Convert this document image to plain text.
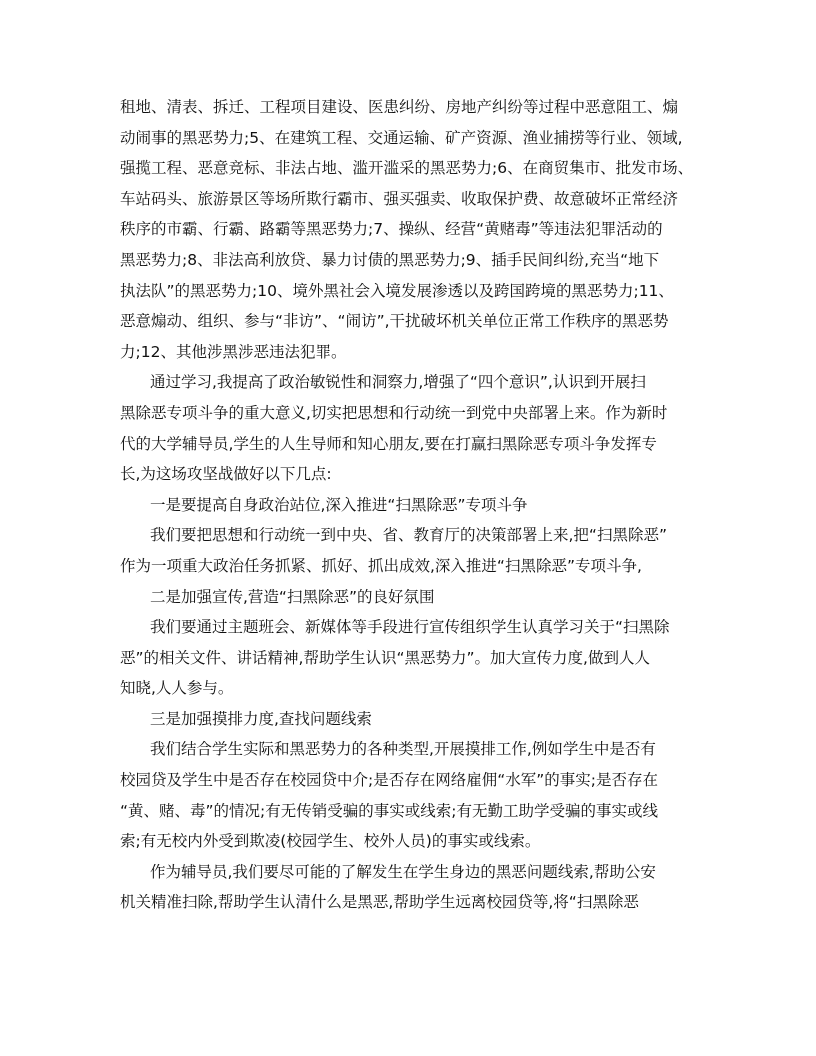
租地、清表、拆迁、工程项目建设、医患纠纷、房地产纠纷等过程中恶意阻工、煽
动闹事的黑恶势力;5、在建筑工程、交通运输、矿产资源、渔业捕捞等行业、领域,
强揽工程、恶意竞标、非法占地、滥开滥采的黑恶势力;6、在商贸集市、批发市场、
车站码头、旅游景区等场所欺行霸市、强买强卖、收取保护费、故意破坏正常经济
秩序的市霸、行霸、路霸等黑恶势力;7、操纵、经营“黄赌毒”等违法犯罪活动的
黑恶势力;8、非法高利放贷、暴力讨债的黑恶势力;9、插手民间纠纷,充当“地下
执法队”的黑恶势力;10、境外黑社会入境发展渗透以及跨国跨境的黑恶势力;11、
恶意煽动、组织、参与“非访”、“闹访”,干扰破坏机关单位正常工作秩序的黑恶势
力;12、其他涉黑涉恶违法犯罪。
通过学习,我提高了政治敏锐性和洞察力,增强了“四个意识”,认识到开展扫
黑除恶专项斗争的重大意义,切实把思想和行动统一到党中央部署上来。作为新时
代的大学辅导员,学生的人生导师和知心朋友,要在打赢扫黑除恶专项斗争发挥专
长,为这场攻坚战做好以下几点:
一是要提高自身政治站位,深入推进“扫黑除恶”专项斗争
我们要把思想和行动统一到中央、省、教育厅的决策部署上来,把“扫黑除恶”
作为一项重大政治任务抓紧、抓好、抓出成效,深入推进“扫黑除恶”专项斗争,
二是加强宣传,营造“扫黑除恶”的良好氛围
我们要通过主题班会、新媒体等手段进行宣传组织学生认真学习关于“扫黑除
恶”的相关文件、讲话精神,帮助学生认识“黑恶势力”。加大宣传力度,做到人人
知晓,人人参与。
三是加强摸排力度,查找问题线索
我们结合学生实际和黑恶势力的各种类型,开展摸排工作,例如学生中是否有
校园贷及学生中是否存在校园贷中介;是否存在网络雇佣“水军”的事实;是否存在
“黄、赌、毒”的情况;有无传销受骗的事实或线索;有无勤工助学受骗的事实或线
索;有无校内外受到欺凌(校园学生、校外人员)的事实或线索。
作为辅导员,我们要尽可能的了解发生在学生身边的黑恶问题线索,帮助公安
机关精准扫除,帮助学生认清什么是黑恶,帮助学生远离校园贷等,将“扫黑除恶
